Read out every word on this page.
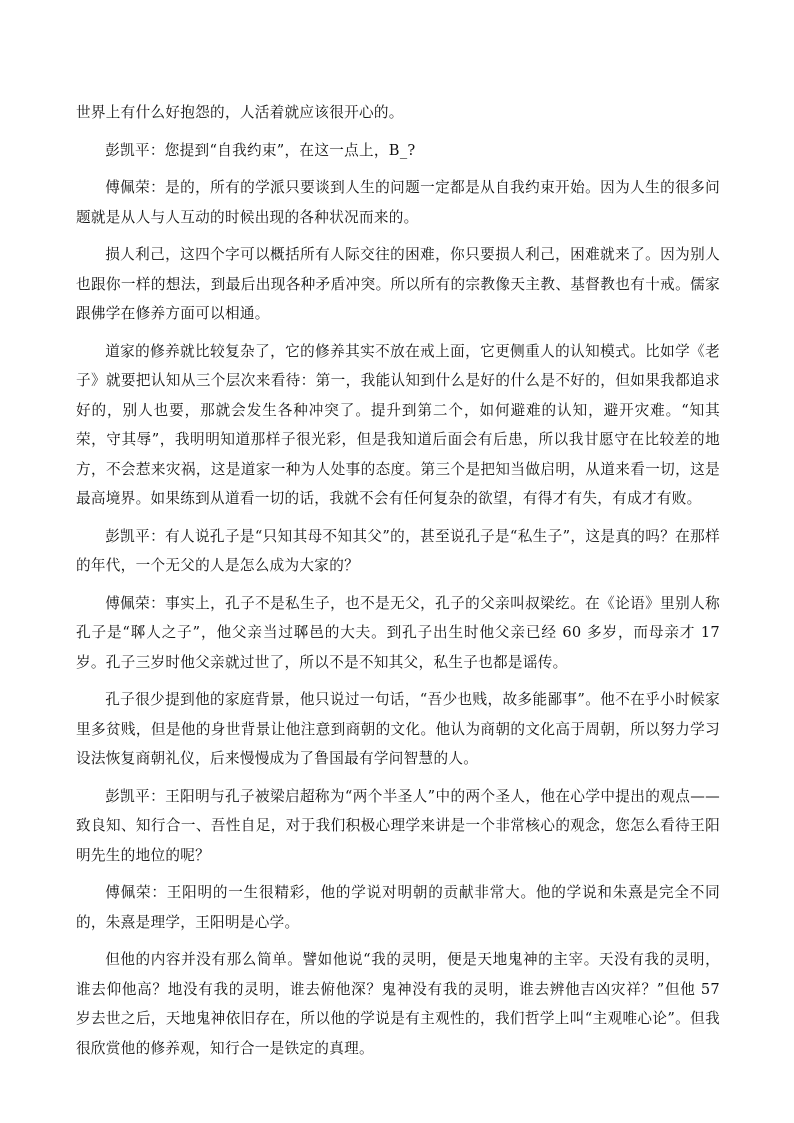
世界上有什么好抱怨的，人活着就应该很开心的。

彭凯平：您提到“自我约束”，在这一点上，B_?

傅佩荣：是的，所有的学派只要谈到人生的问题一定都是从自我约束开始。因为人生的很多问题就是从人与人互动的时候出现的各种状况而来的。

损人利己，这四个字可以概括所有人际交往的困难，你只要损人利己，困难就来了。因为别人也跟你一样的想法，到最后出现各种矛盾冲突。所以所有的宗教像天主教、基督教也有十戒。儒家跟佛学在修养方面可以相通。

道家的修养就比较复杂了，它的修养其实不放在戒上面，它更侧重人的认知模式。比如学《老子》就要把认知从三个层次来看待：第一，我能认知到什么是好的什么是不好的，但如果我都追求好的，别人也要，那就会发生各种冲突了。提升到第二个，如何避难的认知，避开灾难。“知其荣，守其辱”，我明明知道那样子很光彩，但是我知道后面会有后患，所以我甘愿守在比较差的地方，不会惹来灾祸，这是道家一种为人处事的态度。第三个是把知当做启明，从道来看一切，这是最高境界。如果练到从道看一切的话，我就不会有任何复杂的欲望，有得才有失，有成才有败。

彭凯平：有人说孔子是“只知其母不知其父”的，甚至说孔子是“私生子”，这是真的吗？在那样的年代，一个无父的人是怎么成为大家的？

傅佩荣：事实上，孔子不是私生子，也不是无父，孔子的父亲叫叔梁纥。在《论语》里别人称孔子是“郰人之子”，他父亲当过郰邑的大夫。到孔子出生时他父亲已经 60 多岁，而母亲才 17 岁。孔子三岁时他父亲就过世了，所以不是不知其父，私生子也都是谣传。

孔子很少提到他的家庭背景，他只说过一句话，“吾少也贱，故多能鄙事”。他不在乎小时候家里多贫贱，但是他的身世背景让他注意到商朝的文化。他认为商朝的文化高于周朝，所以努力学习设法恢复商朝礼仪，后来慢慢成为了鲁国最有学问智慧的人。

彭凯平：王阳明与孔子被梁启超称为“两个半圣人”中的两个圣人，他在心学中提出的观点——致良知、知行合一、吾性自足，对于我们积极心理学来讲是一个非常核心的观念，您怎么看待王阳明先生的地位的呢？

傅佩荣：王阳明的一生很精彩，他的学说对明朝的贡献非常大。他的学说和朱熹是完全不同的，朱熹是理学，王阳明是心学。

但他的内容并没有那么简单。譬如他说“我的灵明，便是天地鬼神的主宰。天没有我的灵明，谁去仰他高？地没有我的灵明，谁去俯他深？鬼神没有我的灵明，谁去辨他吉凶灾祥？”但他 57 岁去世之后，天地鬼神依旧存在，所以他的学说是有主观性的，我们哲学上叫“主观唯心论”。但我很欣赏他的修养观，知行合一是铁定的真理。
